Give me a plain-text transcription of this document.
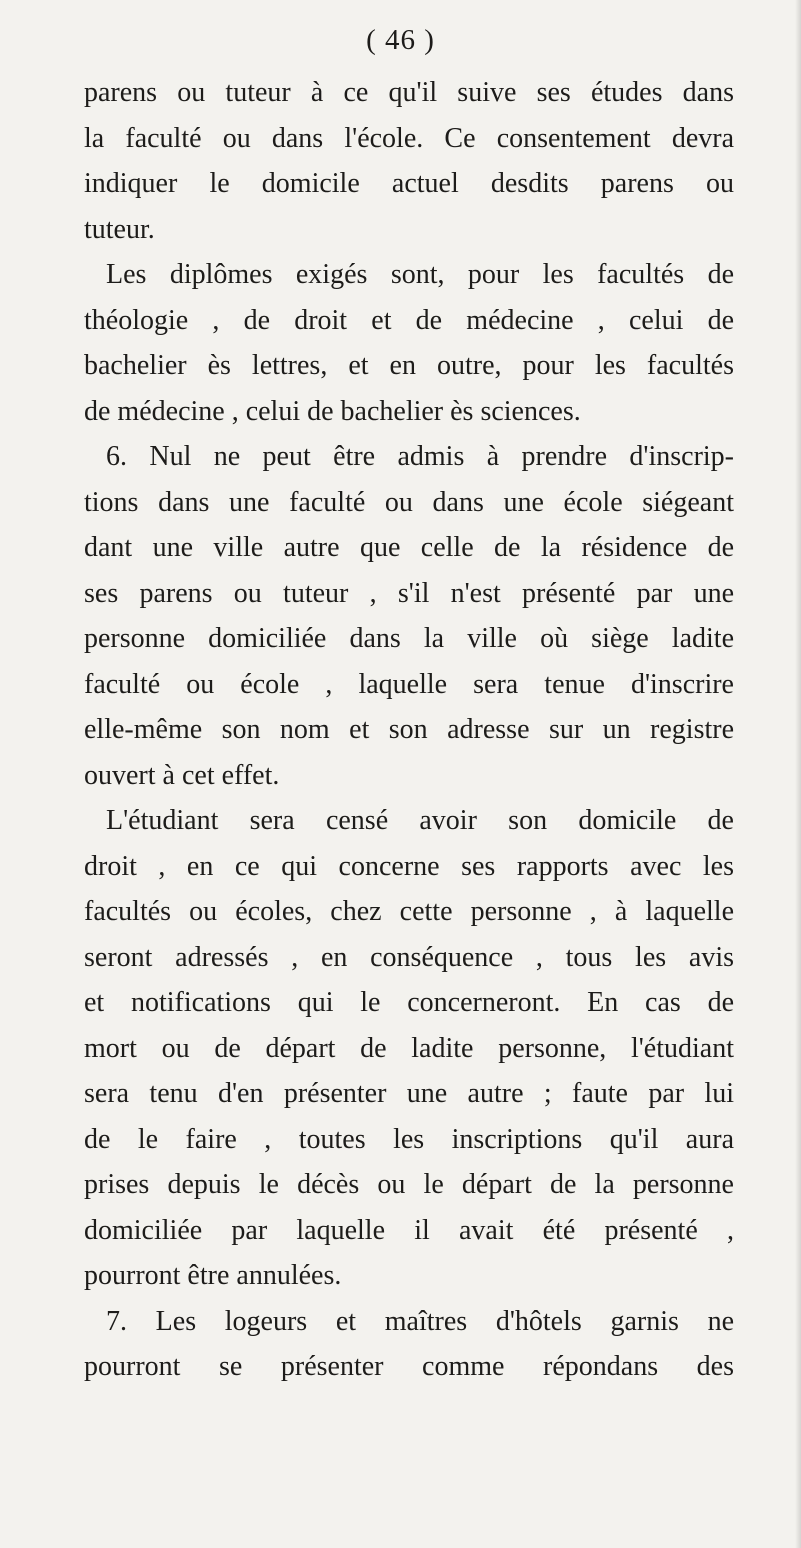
( 46 )
parens ou tuteur à ce qu'il suive ses études dans
la faculté ou dans l'école. Ce consentement devra
indiquer le domicile actuel desdits parens ou
tuteur.
Les diplômes exigés sont, pour les facultés de
théologie , de droit et de médecine , celui de
bachelier ès lettres, et en outre, pour les facultés
de médecine , celui de bachelier ès sciences.
6. Nul ne peut être admis à prendre d'inscrip-
tions dans une faculté ou dans une école siégeant
dant une ville autre que celle de la résidence de
ses parens ou tuteur , s'il n'est présenté par une
personne domiciliée dans la ville où siège ladite
faculté ou école , laquelle sera tenue d'inscrire
elle-même son nom et son adresse sur un registre
ouvert à cet effet.
L'étudiant sera censé avoir son domicile de
droit , en ce qui concerne ses rapports avec les
facultés ou écoles, chez cette personne , à laquelle
seront adressés , en conséquence , tous les avis
et notifications qui le concerneront. En cas de
mort ou de départ de ladite personne, l'étudiant
sera tenu d'en présenter une autre ; faute par lui
de le faire , toutes les inscriptions qu'il aura
prises depuis le décès ou le départ de la personne
domiciliée par laquelle il avait été présenté ,
pourront être annulées.
7. Les logeurs et maîtres d'hôtels garnis ne
pourront se présenter comme répondans des
